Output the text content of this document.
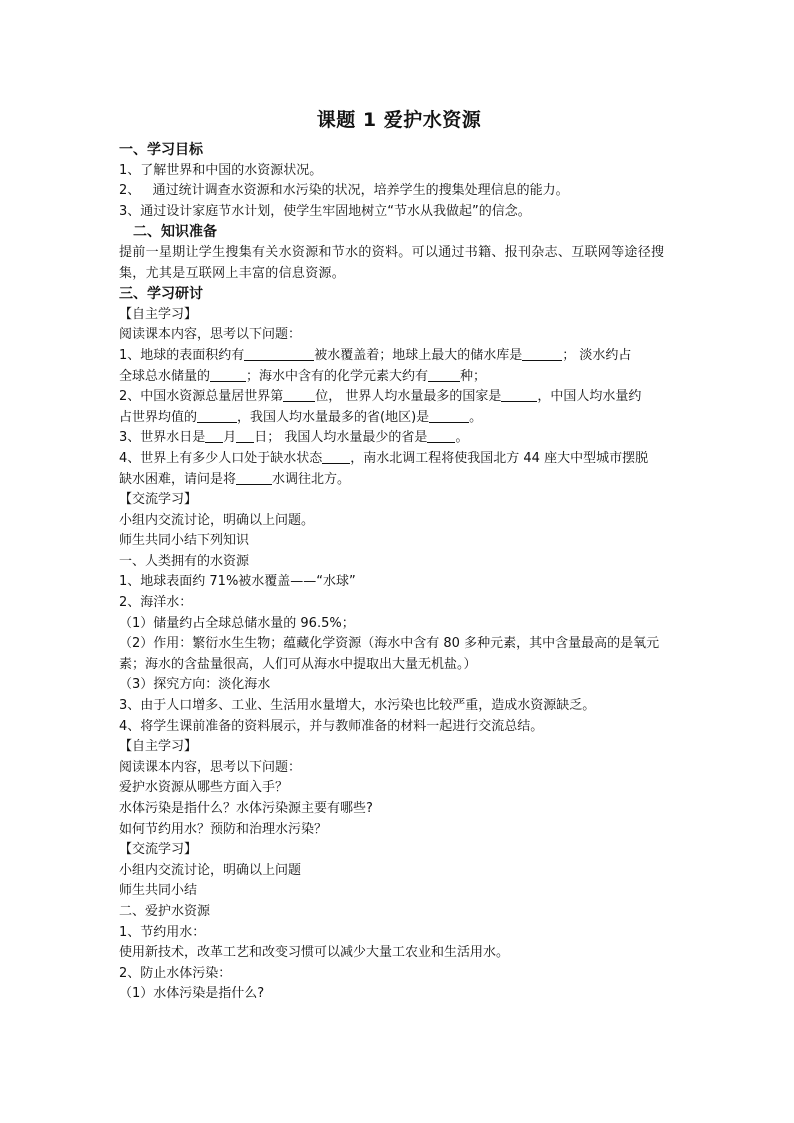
课题 1 爱护水资源
一、学习目标
1、了解世界和中国的水资源状况。
2、   通过统计调查水资源和水污染的状况，培养学生的搜集处理信息的能力。
3、通过设计家庭节水计划，使学生牢固地树立“节水从我做起”的信念。
二、知识准备
提前一星期让学生搜集有关水资源和节水的资料。可以通过书籍、报刊杂志、互联网等途径搜集，尤其是互联网上丰富的信息资源。
三、学习研讨
【自主学习】
阅读课本内容，思考以下问题：
1、地球的表面积约有	被水覆盖着；地球上最大的储水库是	； 淡水约占
全球总水储量的	；海水中含有的化学元素大约有 种；
2、中国水资源总量居世界第 位， 世界人均水量最多的国家是	，中国人均水量约
占世界均值的	，我国人均水量最多的省(地区)是	。
3、世界水日是 月 日； 我国人均水量最少的省是 。
4、世界上有多少人口处于缺水状态 ，南水北调工程将使我国北方 44 座大中型城市摆脱
缺水困难，请问是将	水调往北方。
【交流学习】
小组内交流讨论，明确以上问题。
师生共同小结下列知识
一、人类拥有的水资源
1、地球表面约 71%被水覆盖——“水球”
2、海洋水：
（1）储量约占全球总储水量的 96.5%；
（2）作用：繁衍水生生物；蕴藏化学资源（海水中含有 80 多种元素，其中含量最高的是氧元素；海水的含盐量很高，人们可从海水中提取出大量无机盐。）
（3）探究方向：淡化海水
3、由于人口增多、工业、生活用水量增大，水污染也比较严重，造成水资源缺乏。
4、将学生课前准备的资料展示，并与教师准备的材料一起进行交流总结。
【自主学习】
阅读课本内容，思考以下问题：
爱护水资源从哪些方面入手？
水体污染是指什么？水体污染源主要有哪些?
如何节约用水？预防和治理水污染？
【交流学习】
小组内交流讨论，明确以上问题
师生共同小结
二、爱护水资源
1、节约用水：
使用新技术，改革工艺和改变习惯可以减少大量工农业和生活用水。
2、防止水体污染：
（1）水体污染是指什么?
